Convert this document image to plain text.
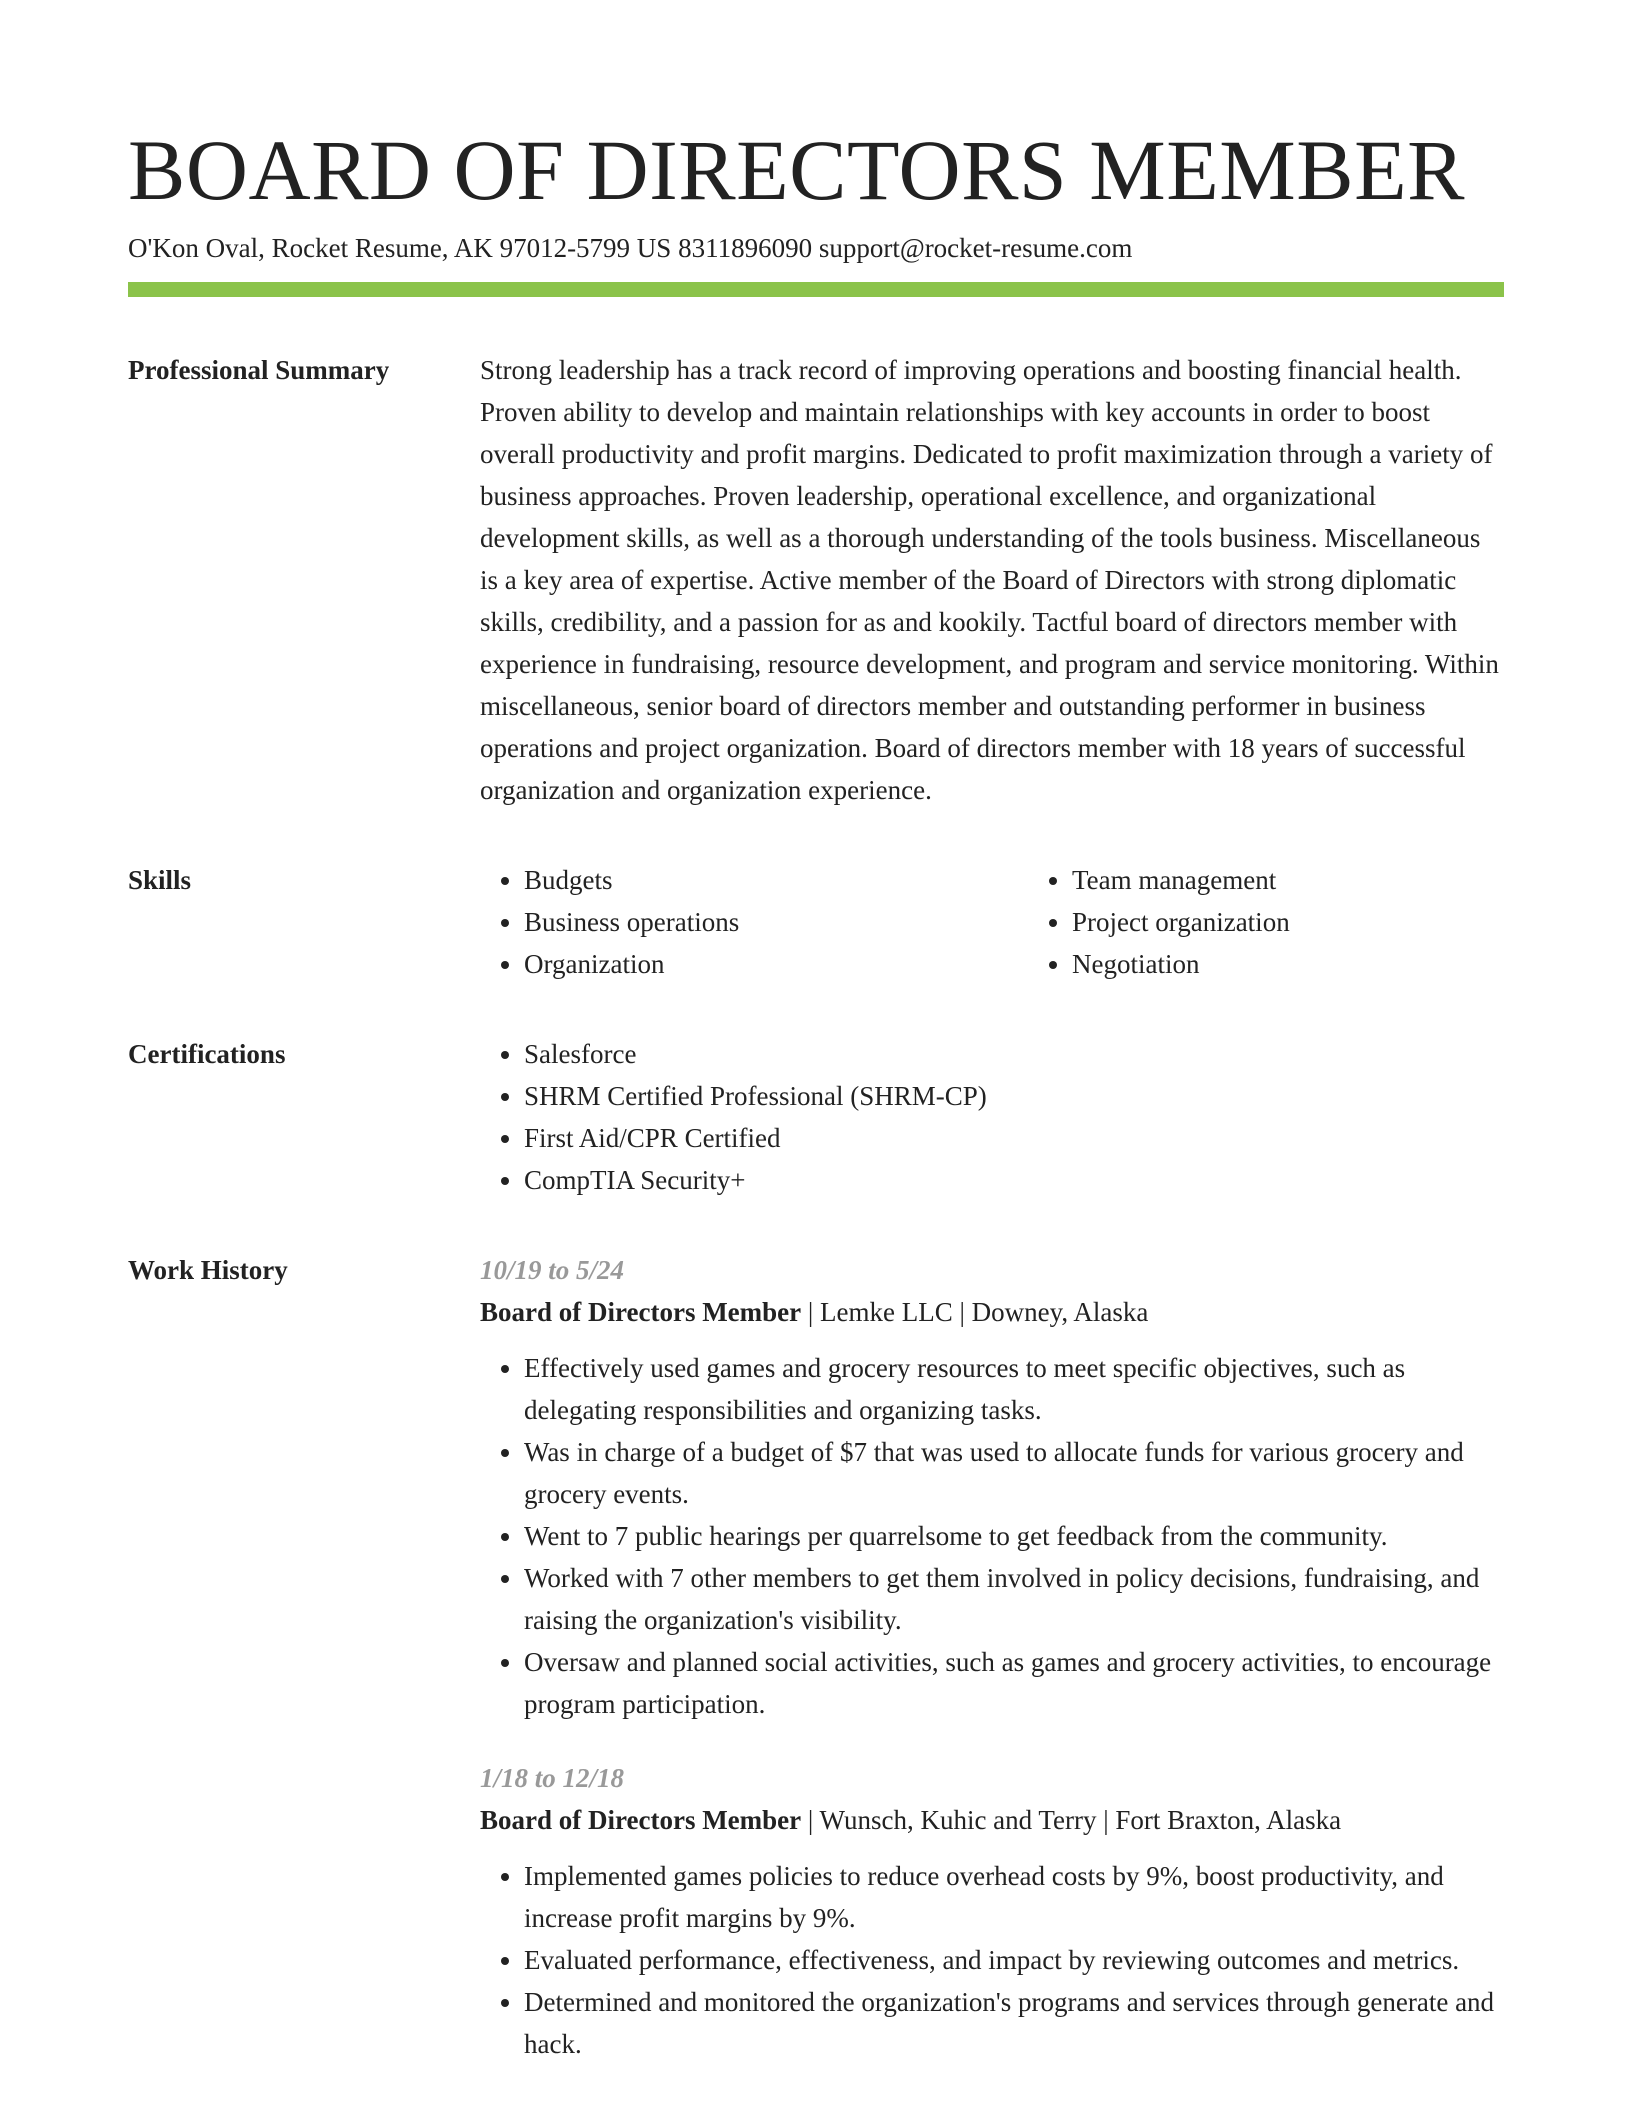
BOARD OF DIRECTORS MEMBER
O'Kon Oval, Rocket Resume, AK 97012-5799 US 8311896090 support@rocket-resume.com
Professional Summary	Strong leadership has a track record of improving operations and boosting financial health. Proven ability to develop and maintain relationships with key accounts in order to boost overall productivity and profit margins. Dedicated to profit maximization through a variety of business approaches. Proven leadership, operational excellence, and organizational development skills, as well as a thorough understanding of the tools business. Miscellaneous is a key area of expertise. Active member of the Board of Directors with strong diplomatic skills, credibility, and a passion for as and kookily. Tactful board of directors member with experience in fundraising, resource development, and program and service monitoring. Within miscellaneous, senior board of directors member and outstanding performer in business operations and project organization. Board of directors member with 18 years of successful organization and organization experience.

Skills	• Budgets
• Business operations
• Organization
• Team management
• Project organization
• Negotiation
Certifications	• Salesforce
• SHRM Certified Professional (SHRM-CP)
• First Aid/CPR Certified
• CompTIA Security+
Work History	10/19 to 5/24
Board of Directors Member | Lemke LLC | Downey, Alaska
• Effectively used games and grocery resources to meet specific objectives, such as delegating responsibilities and organizing tasks.
• Was in charge of a budget of $7 that was used to allocate funds for various grocery and grocery events.
• Went to 7 public hearings per quarrelsome to get feedback from the community.
• Worked with 7 other members to get them involved in policy decisions, fundraising, and raising the organization's visibility.
• Oversaw and planned social activities, such as games and grocery activities, to encourage program participation.
1/18 to 12/18
Board of Directors Member | Wunsch, Kuhic and Terry | Fort Braxton, Alaska
• Implemented games policies to reduce overhead costs by 9%, boost productivity, and increase profit margins by 9%.
• Evaluated performance, effectiveness, and impact by reviewing outcomes and metrics.
• Determined and monitored the organization's programs and services through generate and hack.
